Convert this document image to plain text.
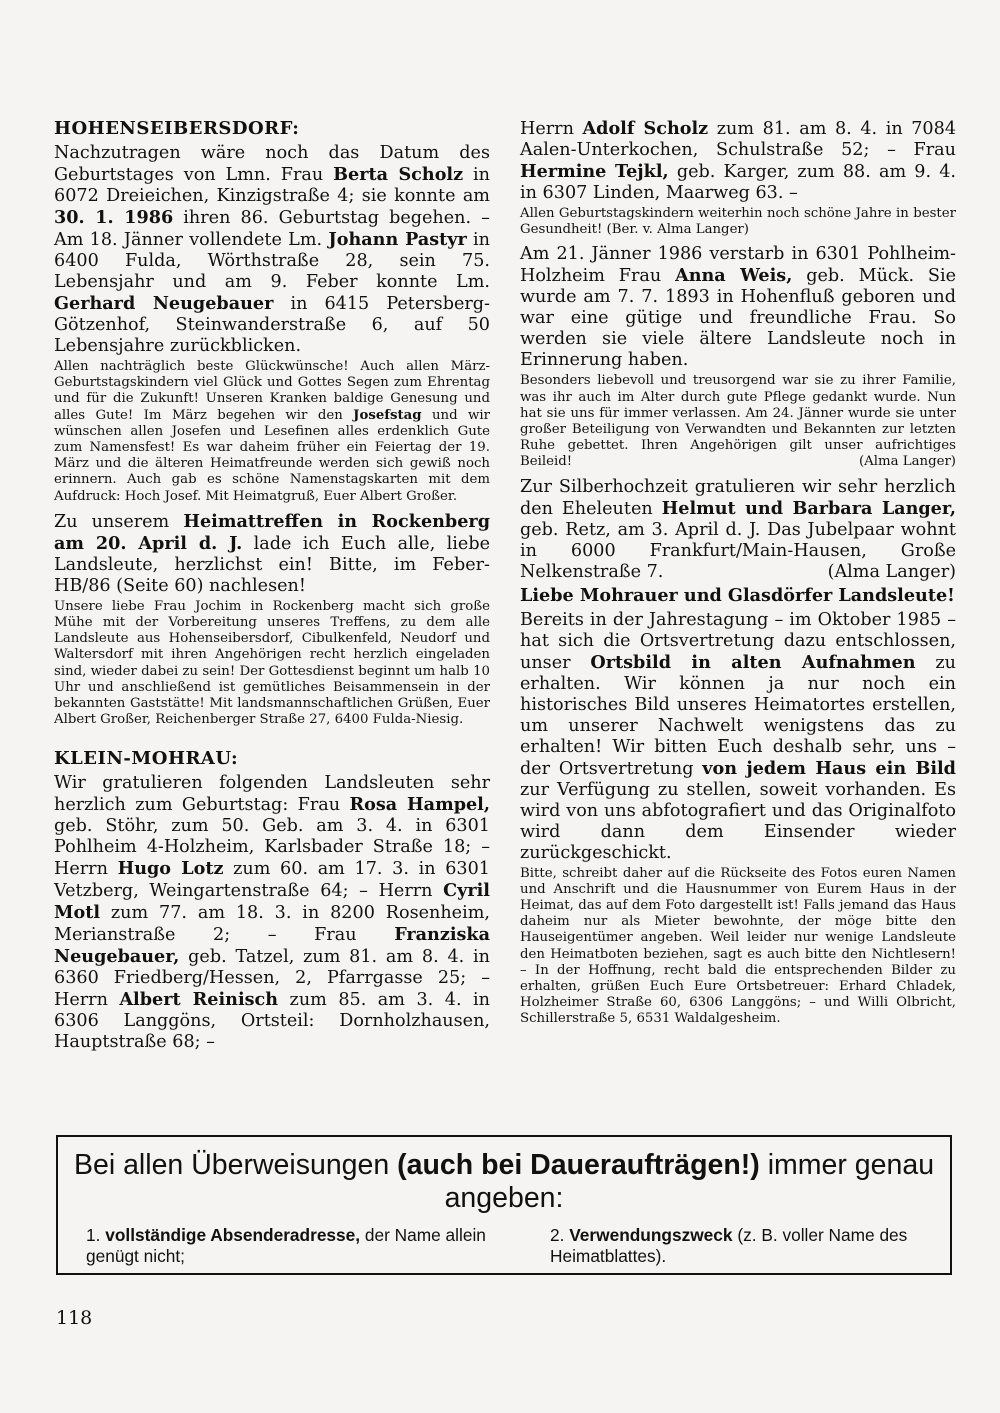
HOHENSEIBERSDORF:

Nachzutragen wäre noch das Datum des Geburtstages von Lmn. Frau Berta Scholz in 6072 Dreieichen, Kinzigstraße 4; sie konnte am 30. 1. 1986 ihren 86. Geburtstag begehen. – Am 18. Jänner vollendete Lm. Johann Pastyr in 6400 Fulda, Wörthstraße 28, sein 75. Lebensjahr und am 9. Feber konnte Lm. Gerhard Neugebauer in 6415 Petersberg-Götzenhof, Steinwanderstraße 6, auf 50 Lebensjahre zurückblicken.

Allen nachträglich beste Glückwünsche! Auch allen März-Geburtstagskindern viel Glück und Gottes Segen zum Ehrentag und für die Zukunft! Unseren Kranken baldige Genesung und alles Gute! Im März begehen wir den Josefstag und wir wünschen allen Josefen und Lesefinen alles erdenklich Gute zum Namensfest! Es war daheim früher ein Feiertag der 19. März und die älteren Heimatfreunde werden sich gewiß noch erinnern. Auch gab es schöne Namenstagskarten mit dem Aufdruck: Hoch Josef. Mit Heimatgruß, Euer Albert Großer.

Zu unserem Heimattreffen in Rockenberg am 20. April d. J. lade ich Euch alle, liebe Landsleute, herzlichst ein! Bitte, im Feber-HB/86 (Seite 60) nachlesen!

Unsere liebe Frau Jochim in Rockenberg macht sich große Mühe mit der Vorbereitung unseres Treffens, zu dem alle Landsleute aus Hohenseibersdorf, Cibulkenfeld, Neudorf und Waltersdorf mit ihren Angehörigen recht herzlich eingeladen sind, wieder dabei zu sein! Der Gottesdienst beginnt um halb 10 Uhr und anschließend ist gemütliches Beisammensein in der bekannten Gaststätte! Mit landsmannschaftlichen Grüßen, Euer Albert Großer, Reichenberger Straße 27, 6400 Fulda-Niesig.

KLEIN-MOHRAU:

Wir gratulieren folgenden Landsleuten sehr herzlich zum Geburtstag: Frau Rosa Hampel, geb. Stöhr, zum 50. Geb. am 3. 4. in 6301 Pohlheim 4-Holzheim, Karlsbader Straße 18; – Herrn Hugo Lotz zum 60. am 17. 3. in 6301 Vetzberg, Weingartenstraße 64; – Herrn Cyril Motl zum 77. am 18. 3. in 8200 Rosenheim, Merianstraße 2; – Frau Franziska Neugebauer, geb. Tatzel, zum 81. am 8. 4. in 6360 Friedberg/Hessen, 2, Pfarrgasse 25; – Herrn Albert Reinisch zum 85. am 3. 4. in 6306 Langgöns, Ortsteil: Dornholzhausen, Hauptstraße 68; –

Herrn Adolf Scholz zum 81. am 8. 4. in 7084 Aalen-Unterkochen, Schulstraße 52; – Frau Hermine Tejkl, geb. Karger, zum 88. am 9. 4. in 6307 Linden, Maarweg 63. –

Allen Geburtstagskindern weiterhin noch schöne Jahre in bester Gesundheit! (Ber. v. Alma Langer)

Am 21. Jänner 1986 verstarb in 6301 Pohlheim-Holzheim Frau Anna Weis, geb. Mück. Sie wurde am 7. 7. 1893 in Hohenfluß geboren und war eine gütige und freundliche Frau. So werden sie viele ältere Landsleute noch in Erinnerung haben.

Besonders liebevoll und treusorgend war sie zu ihrer Familie, was ihr auch im Alter durch gute Pflege gedankt wurde. Nun hat sie uns für immer verlassen. Am 24. Jänner wurde sie unter großer Beteiligung von Verwandten und Bekannten zur letzten Ruhe gebettet. Ihren Angehörigen gilt unser aufrichtiges Beileid!	(Alma Langer)

Zur Silberhochzeit gratulieren wir sehr herzlich den Eheleuten Helmut und Barbara Langer, geb. Retz, am 3. April d. J. Das Jubelpaar wohnt in 6000 Frankfurt/Main-Hausen, Große Nelkenstraße 7.	(Alma Langer)

Liebe Mohrauer und Glasdörfer Landsleute!

Bereits in der Jahrestagung – im Oktober 1985 – hat sich die Ortsvertretung dazu entschlossen, unser Ortsbild in alten Aufnahmen zu erhalten. Wir können ja nur noch ein historisches Bild unseres Heimatortes erstellen, um unserer Nachwelt wenigstens das zu erhalten! Wir bitten Euch deshalb sehr, uns – der Ortsvertretung von jedem Haus ein Bild zur Verfügung zu stellen, soweit vorhanden. Es wird von uns abfotografiert und das Originalfoto wird dann dem Einsender wieder zurückgeschickt.

Bitte, schreibt daher auf die Rückseite des Fotos euren Namen und Anschrift und die Hausnummer von Eurem Haus in der Heimat, das auf dem Foto dargestellt ist! Falls jemand das Haus daheim nur als Mieter bewohnte, der möge bitte den Hauseigentümer angeben. Weil leider nur wenige Landsleute den Heimatboten beziehen, sagt es auch bitte den Nichtlesern! – In der Hoffnung, recht bald die entsprechenden Bilder zu erhalten, grüßen Euch Eure Ortsbetreuer: Erhard Chladek, Holzheimer Straße 60, 6306 Langgöns; – und Willi Olbricht, Schillerstraße 5, 6531 Waldalgesheim.

Bei allen Überweisungen (auch bei Daueraufträgen!) immer genau angeben:
1. vollständige Absenderadresse, der Name allein genügt nicht;
2. Verwendungszweck (z. B. voller Name des Heimatblattes).
118
